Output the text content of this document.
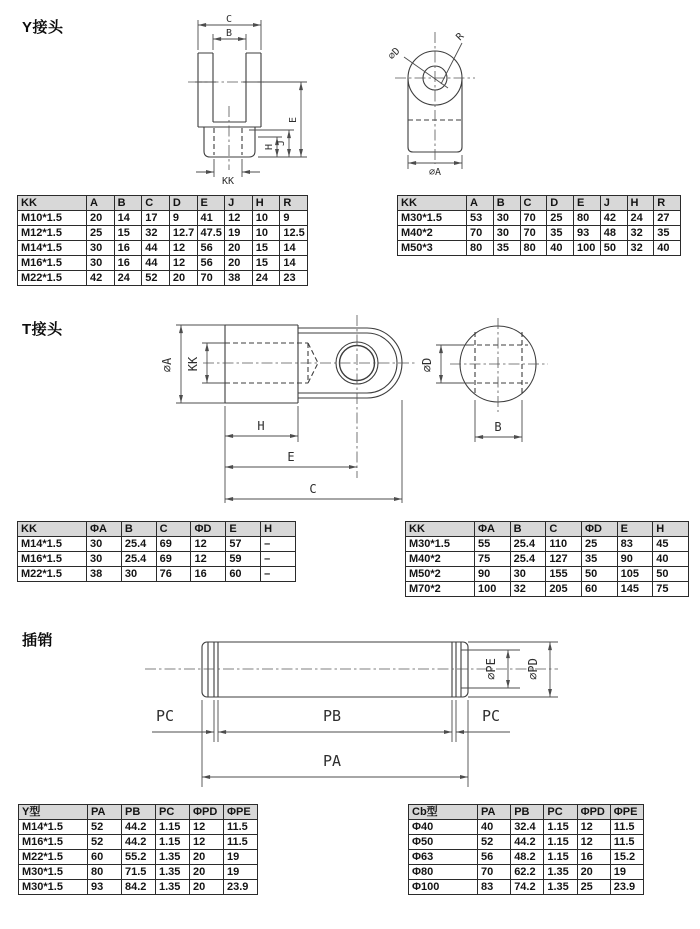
Y接头
T接头
插销
C
B
KK
E
J
H
∅D
R
∅A
∅A KK
H
E
C
∅D
B
∅PE ∅PD
PC	PB	PC
PA
KK	A	B	C	D	E	J	H	R
M10*1.5	20	14	17	9	41	12	10	9
M12*1.5	25	15	32	12.7	47.5	19	10	12.5
M14*1.5	30	16	44	12	56	20	15	14
M16*1.5	30	16	44	12	56	20	15	14
M22*1.5	42	24	52	20	70	38	24	23
KK	A	B	C	D	E	J	H	R
M30*1.5	53	30	70	25	80	42	24	27
M40*2	70	30	70	35	93	48	32	35
M50*3	80	35	80	40	100	50	32	40
KK	ΦA	B	C	ΦD	E	H
M14*1.5	30	25.4	69	12	57	–
M16*1.5	30	25.4	69	12	59	–
M22*1.5	38	30	76	16	60	–
KK	ΦA	B	C	ΦD	E	H
M30*1.5	55	25.4	110	25	83	45
M40*2	75	25.4	127	35	90	40
M50*2	90	30	155	50	105	50
M70*2	100	32	205	60	145	75
Y型	PA	PB	PC	ΦPD	ΦPE
M14*1.5	52	44.2	1.15	12	11.5
M16*1.5	52	44.2	1.15	12	11.5
M22*1.5	60	55.2	1.35	20	19
M30*1.5	80	71.5	1.35	20	19
M30*1.5	93	84.2	1.35	20	23.9
Cb型	PA	PB	PC	ΦPD	ΦPE
Φ40	40	32.4	1.15	12	11.5
Φ50	52	44.2	1.15	12	11.5
Φ63	56	48.2	1.15	16	15.2
Φ80	70	62.2	1.35	20	19
Φ100	83	74.2	1.35	25	23.9
